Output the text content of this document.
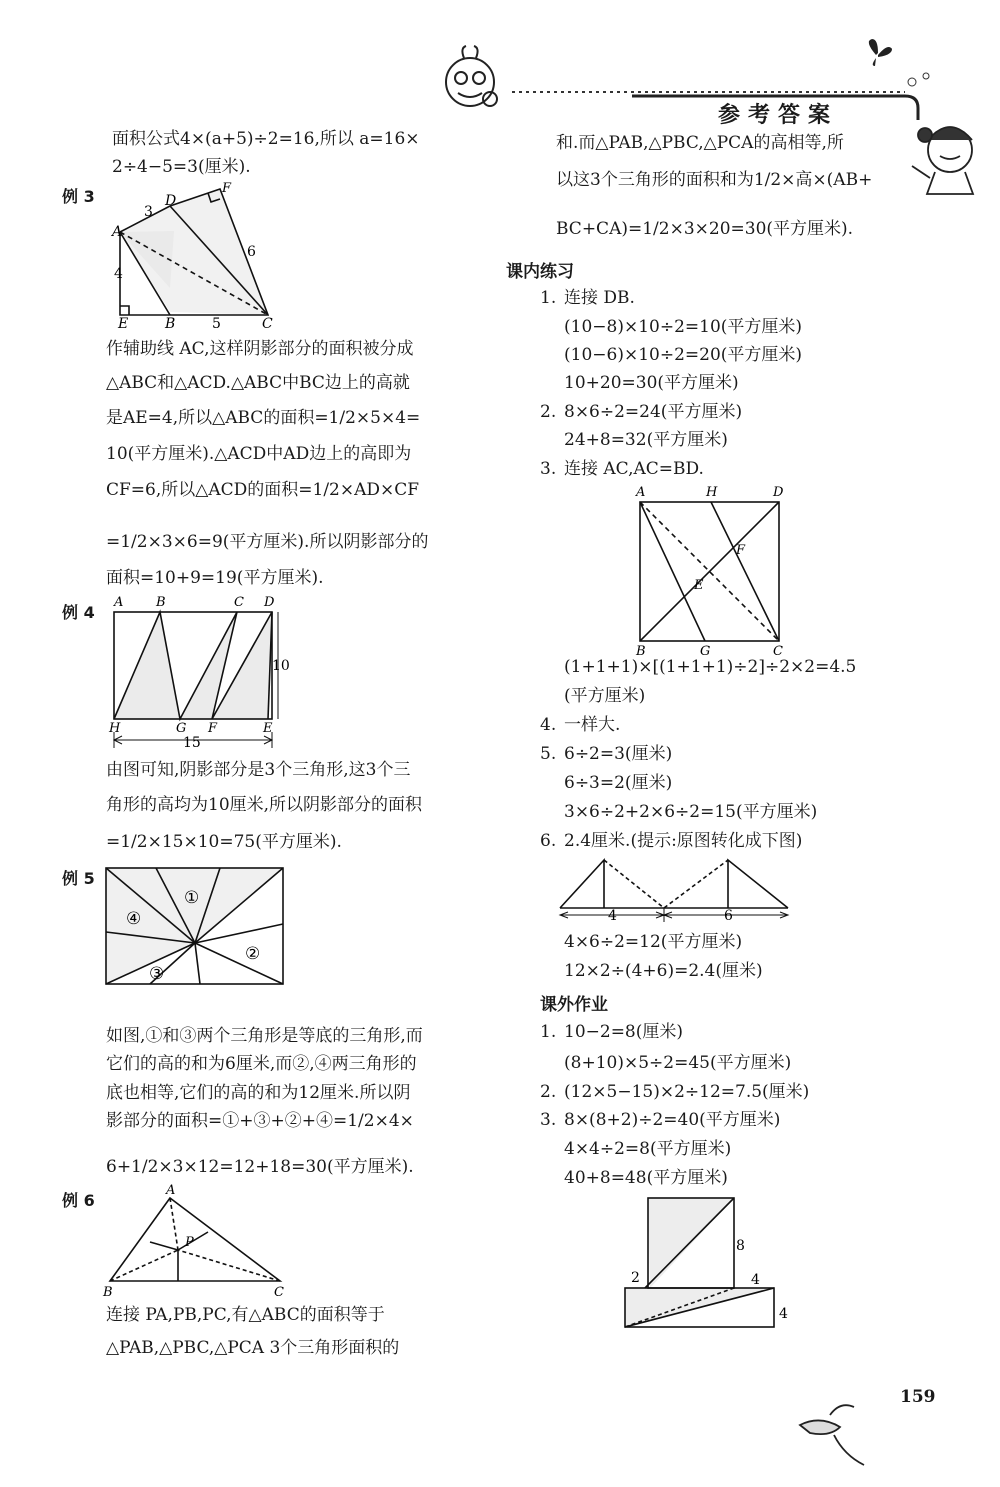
参考答案
面积公式4×(a+5)÷2=16,所以 a=16×
2÷4−5=3(厘米).
例 3
A
D
F
E	B	C
3
6
4
5
作辅助线 AC,这样阴影部分的面积被分成
△ABC和△ACD.△ABC中BC边上的高就
是AE=4,所以△ABC的面积=1/2×5×4=
10(平方厘米).△ACD中AD边上的高即为
CF=6,所以△ACD的面积=1/2×AD×CF
=1/2×3×6=9(平方厘米).所以阴影部分的
面积=10+9=19(平方厘米).
例 4
A	B	C D
H	G F	E
10
15
由图可知,阴影部分是3个三角形,这3个三
角形的高均为10厘米,所以阴影部分的面积
=1/2×15×10=75(平方厘米).
例 5
①
②
③
④
如图,①和③两个三角形是等底的三角形,而
它们的高的和为6厘米,而②,④两三角形的
底也相等,它们的高的和为12厘米.所以阴
影部分的面积=①+③+②+④=1/2×4×
6+1/2×3×12=12+18=30(平方厘米).
例 6
A
P
B	C
连接 PA,PB,PC,有△ABC的面积等于
△PAB,△PBC,△PCA 3个三角形面积的
和.而△PAB,△PBC,△PCA的高相等,所
以这3个三角形的面积和为1/2×高×(AB+
BC+CA)=1/2×3×20=30(平方厘米).
课内练习
1. 连接 DB.
(10−8)×10÷2=10(平方厘米)
(10−6)×10÷2=20(平方厘米)
10+20=30(平方厘米)
2. 8×6÷2=24(平方厘米)
24+8=32(平方厘米)
3. 连接 AC,AC=BD.
A	H	D
F
E
B	G	C
(1+1+1)×[(1+1+1)÷2]÷2×2=4.5
(平方厘米)
4. 一样大.
5. 6÷2=3(厘米)
6÷3=2(厘米)
3×6÷2+2×6÷2=15(平方厘米)
6. 2.4厘米.(提示:原图转化成下图)
4	6
4×6÷2=12(平方厘米)
12×2÷(4+6)=2.4(厘米)
课外作业
1. 10−2=8(厘米)
(8+10)×5÷2=45(平方厘米)
2. (12×5−15)×2÷12=7.5(厘米)
3. 8×(8+2)÷2=40(平方厘米)
4×4÷2=8(平方厘米)
40+8=48(平方厘米)
8
2	4
4
159
